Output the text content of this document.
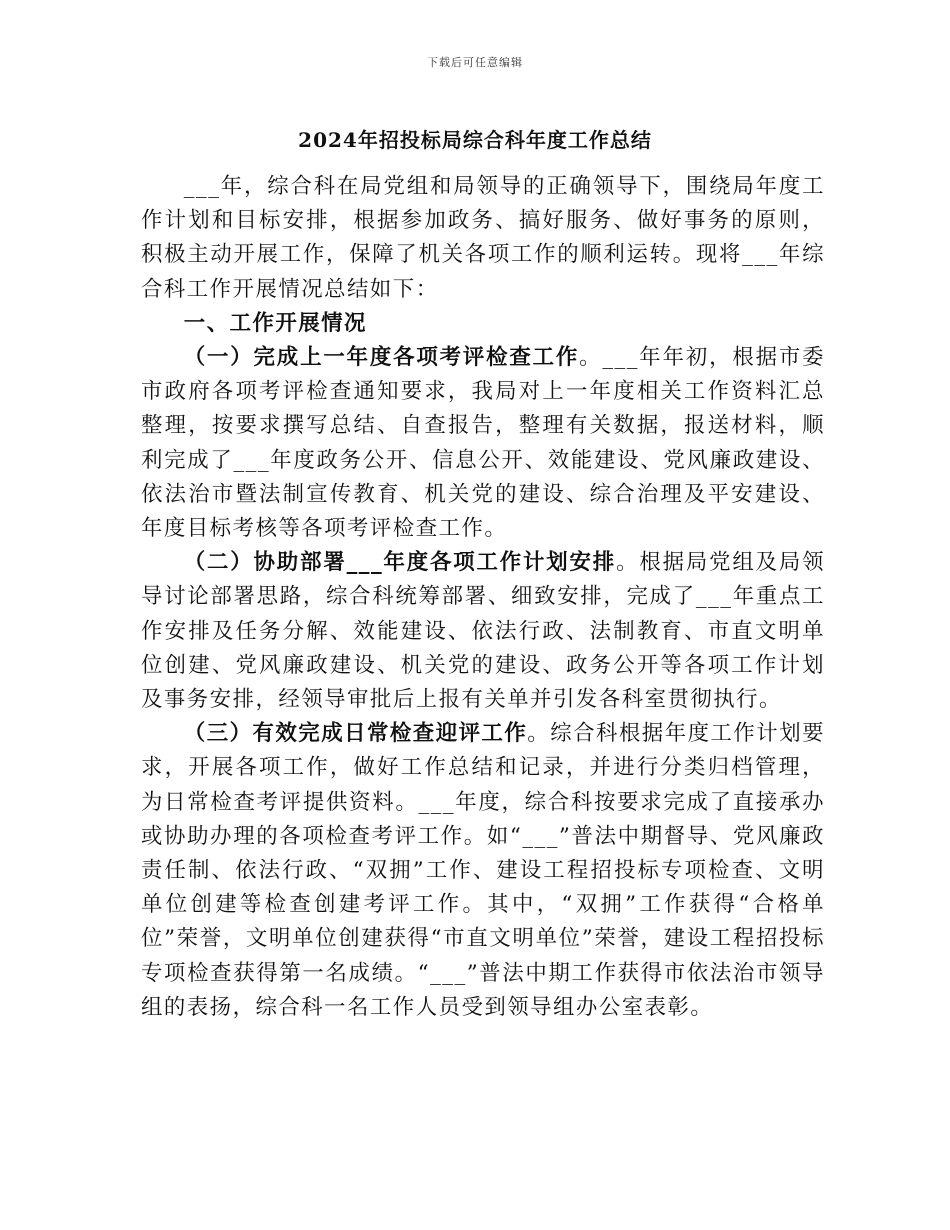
下载后可任意编辑
2024年招投标局综合科年度工作总结

___年，综合科在局党组和局领导的正确领导下，围绕局年度工作计划和目标安排，根据参加政务、搞好服务、做好事务的原则，积极主动开展工作，保障了机关各项工作的顺利运转。现将___年综合科工作开展情况总结如下：

一、工作开展情况

（一）完成上一年度各项考评检查工作。___年年初，根据市委市政府各项考评检查通知要求，我局对上一年度相关工作资料汇总整理，按要求撰写总结、自查报告，整理有关数据，报送材料，顺利完成了___年度政务公开、信息公开、效能建设、党风廉政建设、依法治市暨法制宣传教育、机关党的建设、综合治理及平安建设、年度目标考核等各项考评检查工作。

（二）协助部署___年度各项工作计划安排。根据局党组及局领导讨论部署思路，综合科统筹部署、细致安排，完成了___年重点工作安排及任务分解、效能建设、依法行政、法制教育、市直文明单位创建、党风廉政建设、机关党的建设、政务公开等各项工作计划及事务安排，经领导审批后上报有关单并引发各科室贯彻执行。

（三）有效完成日常检查迎评工作。综合科根据年度工作计划要求，开展各项工作，做好工作总结和记录，并进行分类归档管理，为日常检查考评提供资料。___年度，综合科按要求完成了直接承办或协助办理的各项检查考评工作。如“___”普法中期督导、党风廉政责任制、依法行政、“双拥”工作、建设工程招投标专项检查、文明单位创建等检查创建考评工作。其中，“双拥”工作获得“合格单位”荣誉，文明单位创建获得“市直文明单位”荣誉，建设工程招投标专项检查获得第一名成绩。“___”普法中期工作获得市依法治市领导组的表扬，综合科一名工作人员受到领导组办公室表彰。
